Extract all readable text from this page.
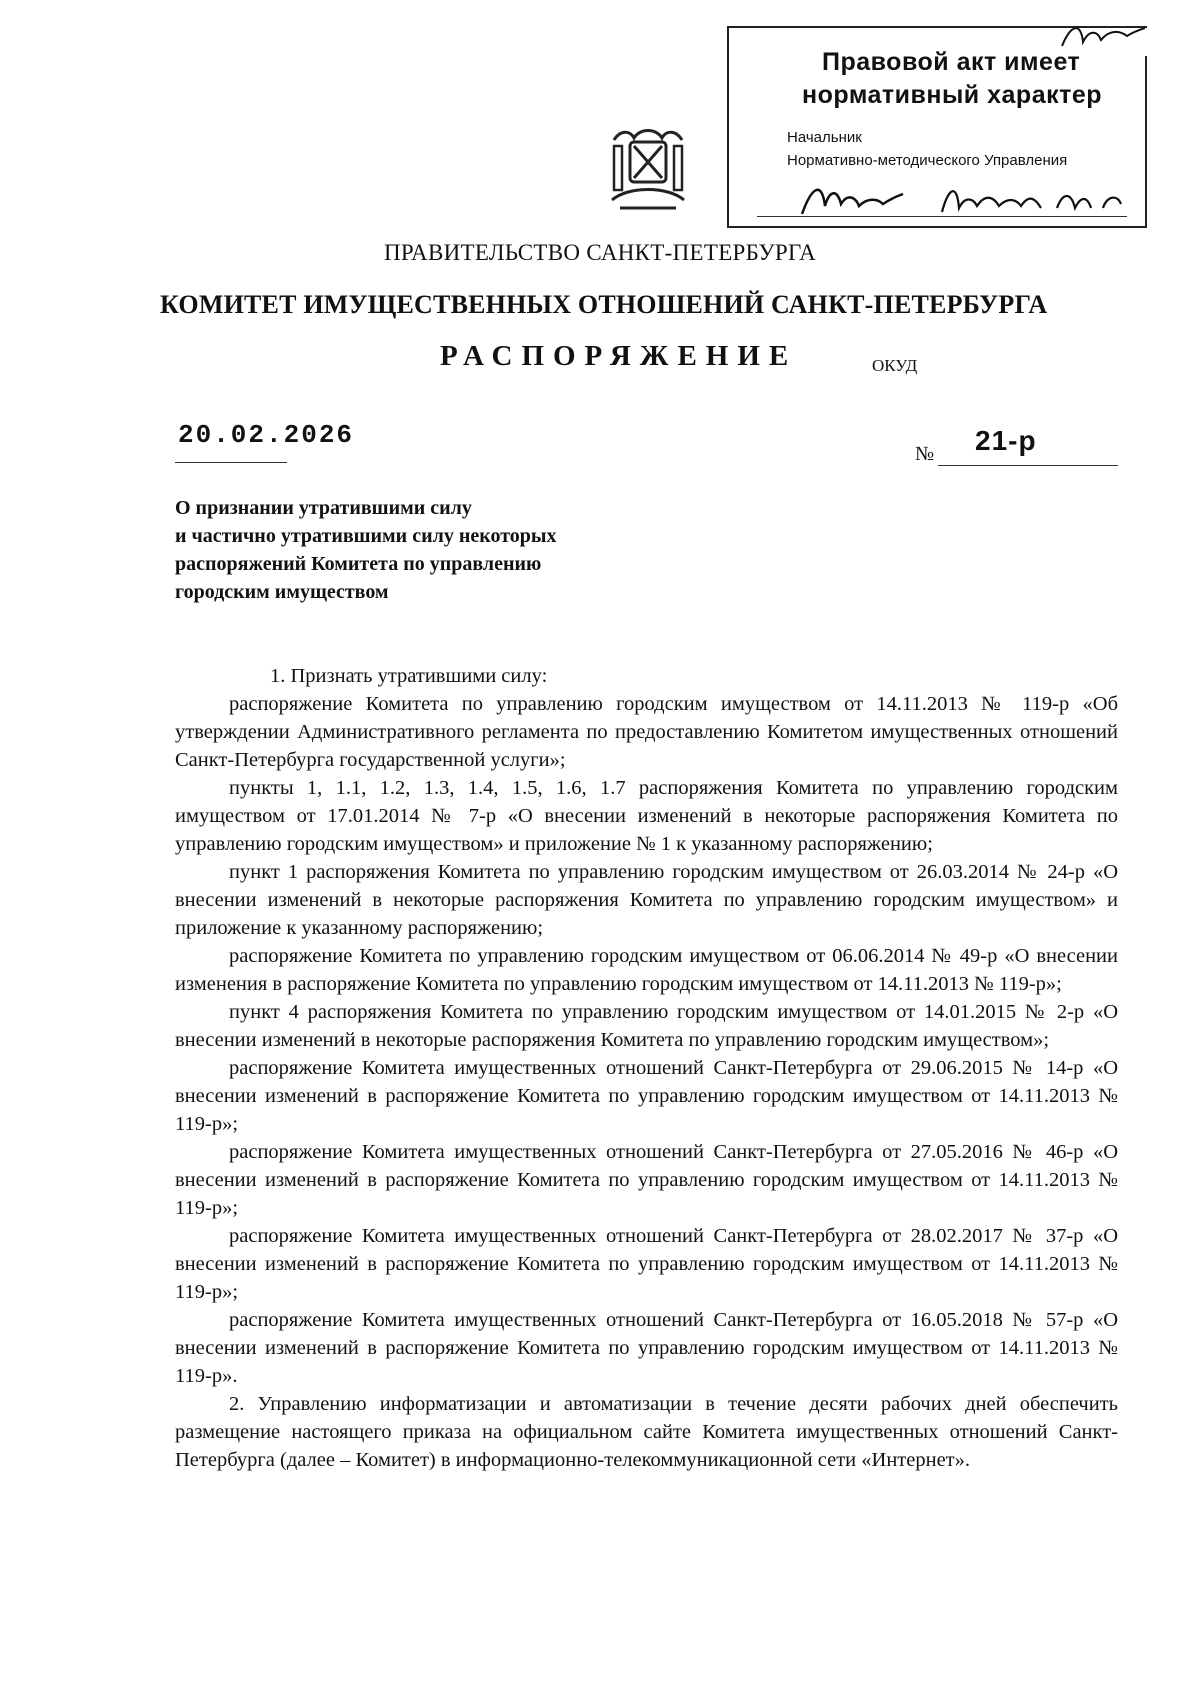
Правовой акт имеет
нормативный характер
Начальник
Нормативно-методического Управления
ПРАВИТЕЛЬСТВО САНКТ-ПЕТЕРБУРГА
КОМИТЕТ ИМУЩЕСТВЕННЫХ ОТНОШЕНИЙ САНКТ-ПЕТЕРБУРГА
РАСПОРЯЖЕНИЕ	ОКУД
20.02.2026
№ 21-р
О признании утратившими силу
и частично утратившими силу некоторых
распоряжений Комитета по управлению
городским имуществом

1. Признать утратившими силу:

распоряжение Комитета по управлению городским имуществом от 14.11.2013 № 119-р «Об утверждении Административного регламента по предоставлению Комитетом имущественных отношений Санкт-Петербурга государственной услуги»;

пункты 1, 1.1, 1.2, 1.3, 1.4, 1.5, 1.6, 1.7 распоряжения Комитета по управлению городским имуществом от 17.01.2014 № 7-р «О внесении изменений в некоторые распоряжения Комитета по управлению городским имуществом» и приложение № 1 к указанному распоряжению;

пункт 1 распоряжения Комитета по управлению городским имуществом от 26.03.2014 № 24-р «О внесении изменений в некоторые распоряжения Комитета по управлению городским имуществом» и приложение к указанному распоряжению;

распоряжение Комитета по управлению городским имуществом от 06.06.2014 № 49-р «О внесении изменения в распоряжение Комитета по управлению городским имуществом от 14.11.2013 № 119-р»;

пункт 4 распоряжения Комитета по управлению городским имуществом от 14.01.2015 № 2-р «О внесении изменений в некоторые распоряжения Комитета по управлению городским имуществом»;

распоряжение Комитета имущественных отношений Санкт-Петербурга от 29.06.2015 № 14-р «О внесении изменений в распоряжение Комитета по управлению городским имуществом от 14.11.2013 № 119-р»;

распоряжение Комитета имущественных отношений Санкт-Петербурга от 27.05.2016 № 46-р «О внесении изменений в распоряжение Комитета по управлению городским имуществом от 14.11.2013 № 119-р»;

распоряжение Комитета имущественных отношений Санкт-Петербурга от 28.02.2017 № 37-р «О внесении изменений в распоряжение Комитета по управлению городским имуществом от 14.11.2013 № 119-р»;

распоряжение Комитета имущественных отношений Санкт-Петербурга от 16.05.2018 № 57-р «О внесении изменений в распоряжение Комитета по управлению городским имуществом от 14.11.2013 № 119-р».

2. Управлению информатизации и автоматизации в течение десяти рабочих дней обеспечить размещение настоящего приказа на официальном сайте Комитета имущественных отношений Санкт-Петербурга (далее – Комитет) в информационно-телекоммуникационной сети «Интернет».
